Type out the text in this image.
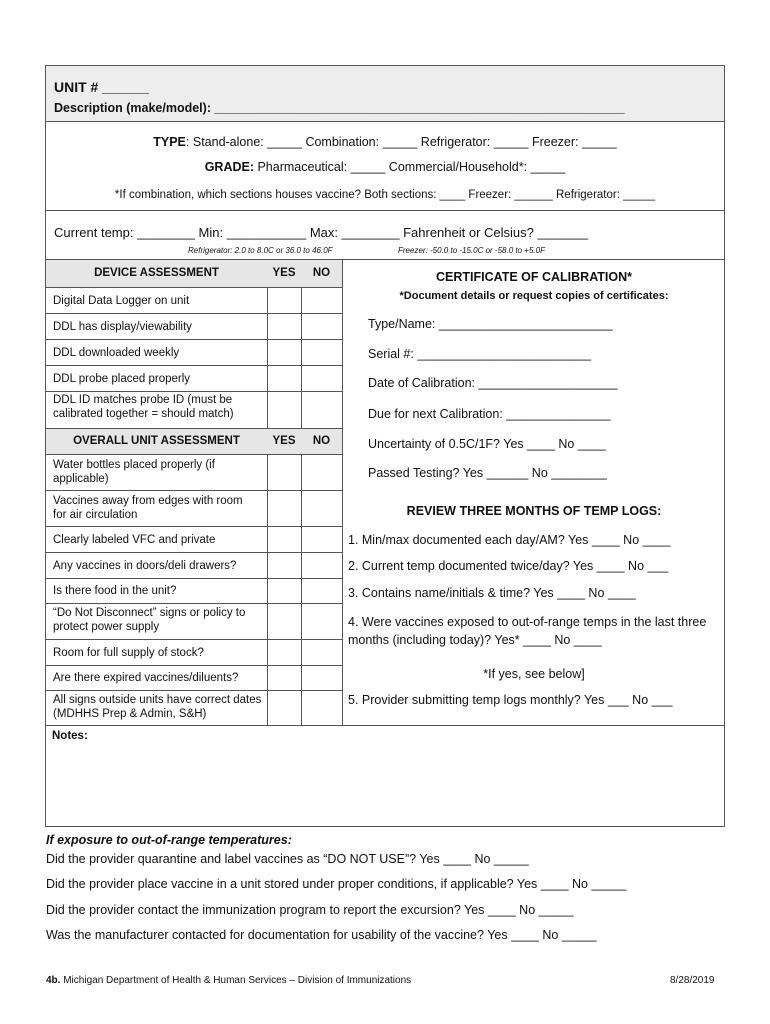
UNIT # ______
Description (make/model): ___________________________________________________________
TYPE: Stand-alone: _____ Combination: _____ Refrigerator: _____ Freezer: _____
GRADE: Pharmaceutical: _____ Commercial/Household*: _____
*If combination, which sections houses vaccine? Both sections: ____ Freezer: ______ Refrigerator: _____
Current temp: ________ Min: ___________ Max: ________ Fahrenheit or Celsius? _______
Refrigerator: 2.0 to 8.0C or 36.0 to 46.0F	Freezer: -50.0 to -15.0C or -58.0 to +5.0F
DEVICE ASSESSMENT	YES	NO
Digital Data Logger on unit
DDL has display/viewability
DDL downloaded weekly
DDL probe placed properly
DDL ID matches probe ID (must be calibrated together = should match)
OVERALL UNIT ASSESSMENT	YES	NO
Water bottles placed properly (if applicable)
Vaccines away from edges with room for air circulation
Clearly labeled VFC and private
Any vaccines in doors/deli drawers?
Is there food in the unit?
“Do Not Disconnect” signs or policy to protect power supply
Room for full supply of stock?
Are there expired vaccines/diluents?
All signs outside units have correct dates (MDHHS Prep & Admin, S&H)
CERTIFICATE OF CALIBRATION*
*Document details or request copies of certificates:
Type/Name: _________________________
Serial #: _________________________
Date of Calibration: ____________________
Due for next Calibration: _______________
Uncertainty of 0.5C/1F? Yes ____ No ____
Passed Testing? Yes ______ No ________
REVIEW THREE MONTHS OF TEMP LOGS:
1. Min/max documented each day/AM? Yes ____ No ____
2. Current temp documented twice/day? Yes ____ No ___
3. Contains name/initials & time? Yes ____ No ____
4. Were vaccines exposed to out-of-range temps in the last three months (including today)? Yes* ____ No ____
*If yes, see below]
5. Provider submitting temp logs monthly? Yes ___ No ___
Notes:
If exposure to out-of-range temperatures:
Did the provider quarantine and label vaccines as “DO NOT USE”? Yes ____ No _____
Did the provider place vaccine in a unit stored under proper conditions, if applicable? Yes ____ No _____
Did the provider contact the immunization program to report the excursion? Yes ____ No _____
Was the manufacturer contacted for documentation for usability of the vaccine? Yes ____ No _____
4b. Michigan Department of Health & Human Services – Division of Immunizations	8/28/2019
